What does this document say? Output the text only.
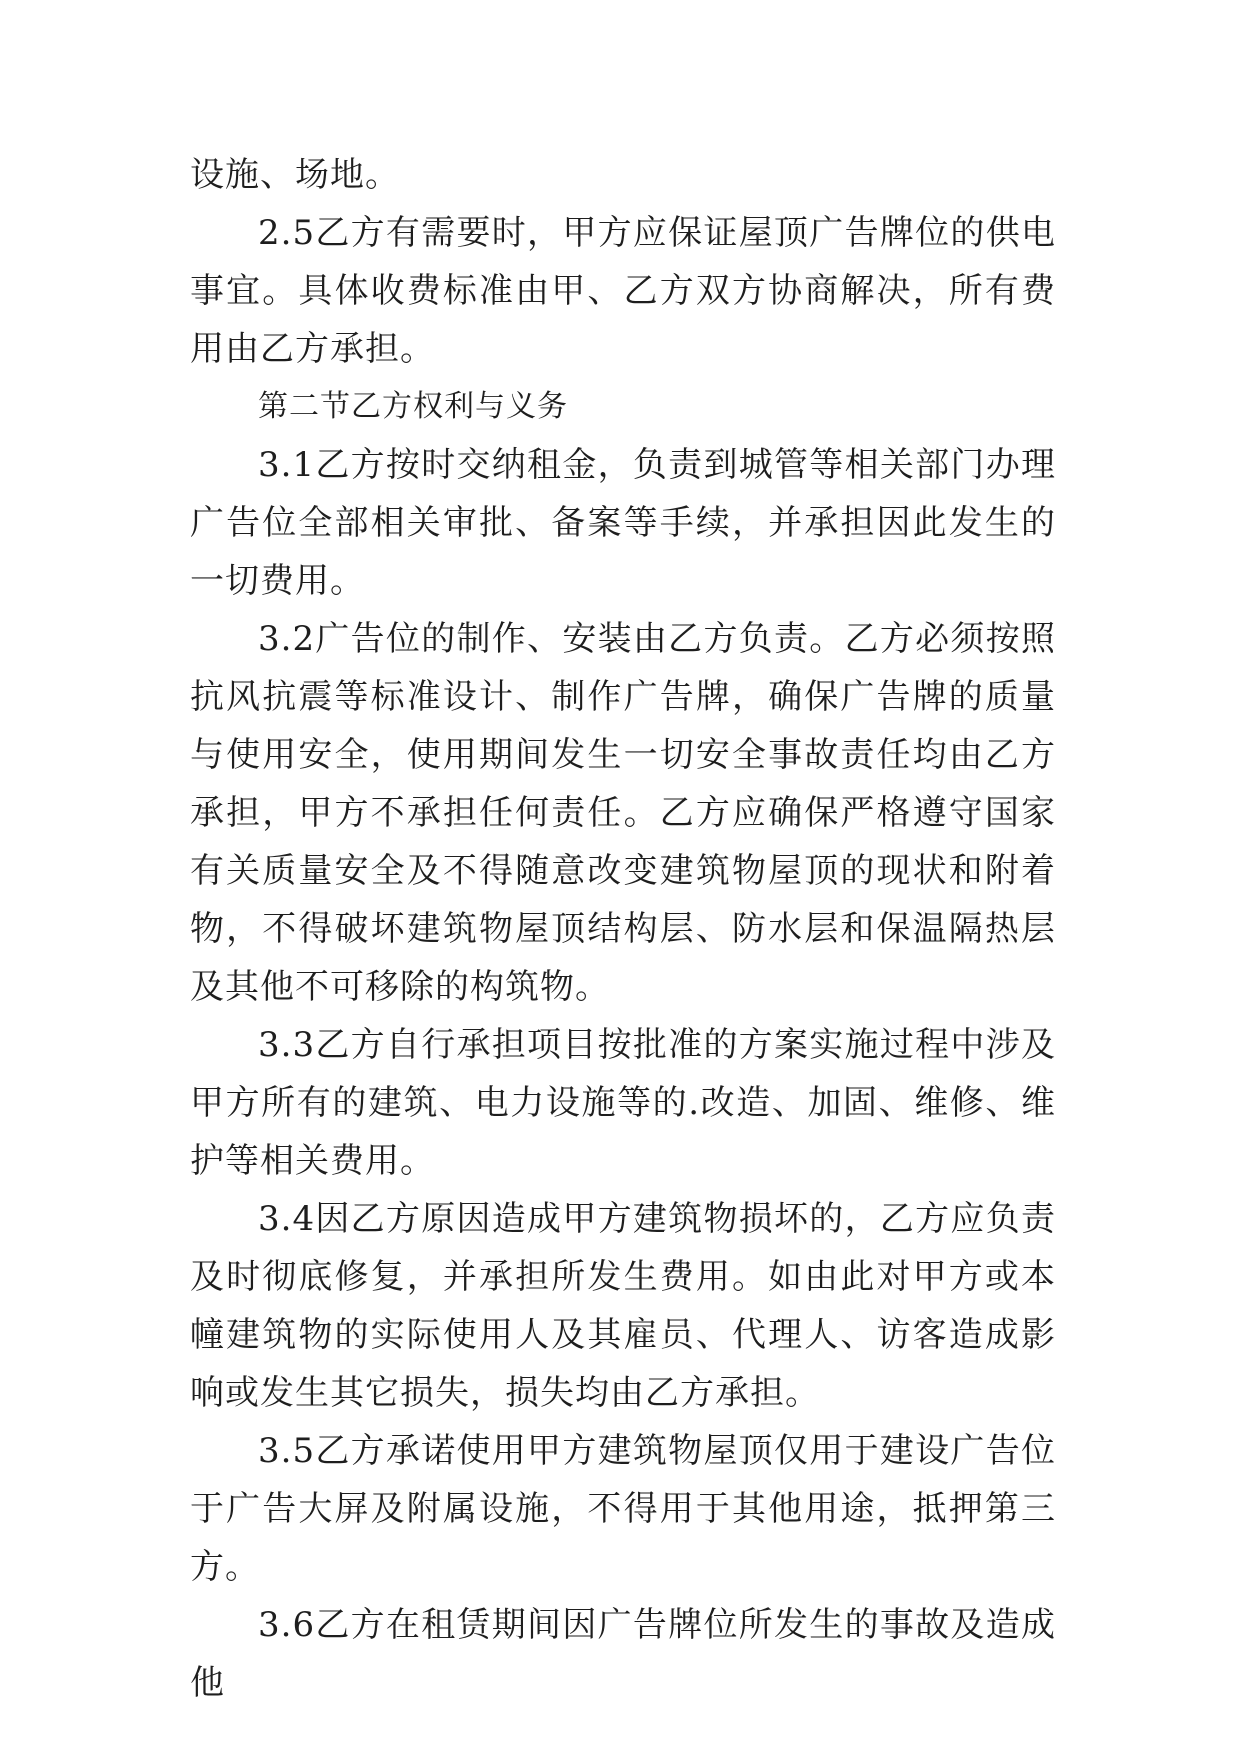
设施、场地。

2.5乙方有需要时，甲方应保证屋顶广告牌位的供电事宜。具体收费标准由甲、乙方双方协商解决，所有费用由乙方承担。

第二节乙方权利与义务

3.1乙方按时交纳租金，负责到城管等相关部门办理广告位全部相关审批、备案等手续，并承担因此发生的一切费用。

3.2广告位的制作、安装由乙方负责。乙方必须按照抗风抗震等标准设计、制作广告牌，确保广告牌的质量与使用安全，使用期间发生一切安全事故责任均由乙方承担，甲方不承担任何责任。乙方应确保严格遵守国家有关质量安全及不得随意改变建筑物屋顶的现状和附着物，不得破坏建筑物屋顶结构层、防水层和保温隔热层及其他不可移除的构筑物。

3.3乙方自行承担项目按批准的方案实施过程中涉及甲方所有的建筑、电力设施等的.改造、加固、维修、维护等相关费用。

3.4因乙方原因造成甲方建筑物损坏的，乙方应负责及时彻底修复，并承担所发生费用。如由此对甲方或本幢建筑物的实际使用人及其雇员、代理人、访客造成影响或发生其它损失，损失均由乙方承担。

3.5乙方承诺使用甲方建筑物屋顶仅用于建设广告位于广告大屏及附属设施，不得用于其他用途，抵押第三方。

3.6乙方在租赁期间因广告牌位所发生的事故及造成他
